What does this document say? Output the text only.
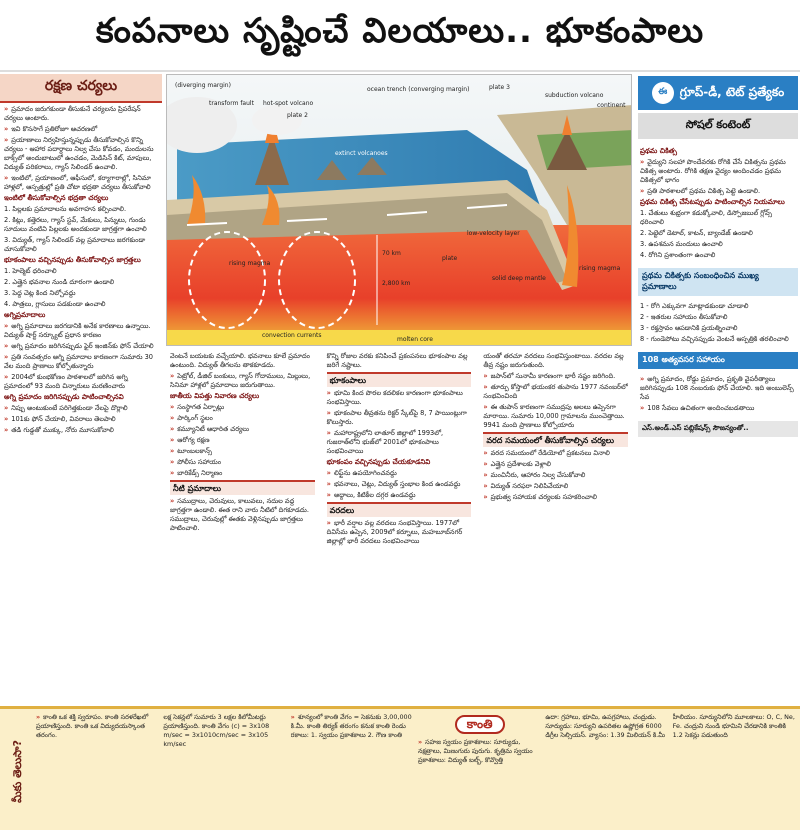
కంపనాలు సృష్టించే విలయాలు.. భూకంపాలు
రక్షణ చర్యలు

» ప్రమాదం జరుగకుండా తీసుకునే చర్యలను ప్రిపరేషన్ చర్యలు అంటారు.

» ఇవి కొనసాగే ప్రతిరోజూ ఆచరణలో

» ప్రయాణాలు నిర్వహిస్తున్నప్పుడు తీసుకోవాల్సిన కొన్ని చర్యలు - ఆహార పదార్థాలు నిల్వ చేసు కోవడం, మందులను బాక్స్‌లో అందుబాటులో ఉంచడం, మెడిసిన్‌ కిట్, మాపులు, విద్యుత్ పరికరాలు, గ్యాస్ సిలిండర్ ఉంచాలి.

» ఇంటిలో, ప్రయాణంలో, ఆఫీసులో, కర్మాగారాల్లో, సినిమా హాళ్లలో, ఆస్పత్రుల్లో ప్రతి చోటా భద్రతా చర్యలు తీసుకోవాలి

ఇంటిలో తీసుకోవాల్సిన భద్రతా చర్యలు

1. పిల్లలకు ప్రమాదాలను అవగాహన కల్పించాలి.

2. కిట్లు, కత్తెరలు, గ్యాస్ స్టవ్, మేకులు, పిన్నులు, గుండు సూదులు వంటివి పిల్లలకు అందకుండా జాగ్రత్తగా ఉంచాలి

3. విద్యుత్, గ్యాస్ సిలిండర్ వల్ల ప్రమాదాలు జరగకుండా చూసుకోవాలి

భూకంపాలు వచ్చినప్పుడు తీసుకోవాల్సిన జాగ్రత్తలు

1. హెల్మెట్ ధరించాలి

2. ఎత్తైన భవనాల నుండి దూరంగా ఉండాలి

3. పెద్ద చెట్ల కింద నిల్చోవద్దు

4. పాత్రలు, గ్లాసులు పడకుండా ఉంచాలి

అగ్నిప్రమాదాలు

» అగ్ని ప్రమాదాలు జరగడానికి అనేక కారణాలు ఉన్నాయి. విద్యుత్ షార్ట్ సర్క్యూట్ ప్రధాన కారణం

» అగ్ని ప్రమాదం జరిగినప్పుడు ఫైర్ ఇంజిన్‌కు ఫోన్ చేయాలి

» ప్రతి సంవత్సరం అగ్ని ప్రమాదాల కారణంగా సుమారు 30 వేల మంది ప్రాణాలు కోల్పోతున్నారు

» 2004లో కుంభకోణం పాఠశాలలో జరిగిన అగ్ని ప్రమాదంలో 93 మంది చిన్నారులు మరణించారు

అగ్ని ప్రమాదం జరిగినప్పుడు పాటించాల్సినవి

» నిప్పు అంటుకుంటే పరిగెత్తకుండా నేలపై దొర్లాలి

» 101కు ఫోన్ చేయాలి, వివరాలు తెలపాలి

» తడి గుడ్డతో ముక్కు, నోరు మూసుకోవాలి

(diverging margin)
transform fault hot-spot volcano
plate 2
ocean trench (converging margin)	plate 3
subduction volcano
continent
extinct volcanoes
rising magma
rising magma
70 km
2,800 km
plate
low-velocity layer
solid deep mantle
convection currents
molten core
ఈ	గ్రూప్-డీ, టెట్ ప్రత్యేకం
సోషల్ కంటెంట్
ప్రథమ చికిత్స

» వైద్యుని సలహా పొందేవరకు రోగికి చేసే చికిత్సను ప్రథమ చికిత్స అంటారు. రోగికి తక్షణ వైద్యం అందించడం ప్రథమ చికిత్సలో భాగం

» ప్రతి పాఠశాలలో ప్రథమ చికిత్స పెట్టె ఉండాలి.

ప్రథమ చికిత్స చేసేటప్పుడు పాటించాల్సిన నియమాలు

1. చేతులు శుభ్రంగా కడుక్కోవాలి, డిస్పోజబుల్ గ్లోవ్స్ ధరించాలి

2. పెట్టెలో డెటాల్, కాటన్, బ్యాండేజ్ ఉండాలి

3. ఉపశమన మందులు ఉంచాలి

4. రోగిని ప్రశాంతంగా ఉంచాలి

ప్రథమ చికిత్సకు సంబంధించిన ముఖ్య ప్రమాణాలు

1 - రోగి ఎక్కువగా మాట్లాడకుండా చూడాలి

2 - ఇతరుల సహాయం తీసుకోవాలి

3 - రక్తస్రావం ఆపడానికి ప్రయత్నించాలి

8 - గుండెపోటు వచ్చినప్పుడు వెంటనే ఆస్పత్రికి తరలించాలి

108 అత్యవసర సహాయం

» అగ్ని ప్రమాదం, రోడ్డు ప్రమాదం, ప్రకృతి వైపరీత్యాలు జరిగినప్పుడు 108 నంబరుకు ఫోన్ చేయాలి. ఇది అంబులెన్స్ సేవ

» 108 సేవలు ఉచితంగా అందించబడతాయి

ఎస్.అండ్.ఎస్ పబ్లికేషన్స్ సౌజన్యంతో..

వెంటనే బయటకు వచ్చేయాలి. భవనాలు కూలే ప్రమాదం ఉంటుంది. విద్యుత్ తీగలను తాకకూడదు.

» పెట్రోల్, డీజిల్ బంకులు, గ్యాస్ గోదాములు, మిల్లులు, సినిమా హాళ్లలో ప్రమాదాలు జరుగుతాయి.

జాతీయ విపత్తు నివారణ చర్యలు

» సంస్థాగత ఏర్పాట్లు

» పార్కింగ్ స్థలం

» కమ్యూనిటీ ఆధారిత చర్యలు

» ఆరోగ్య రక్షణ

» టూంబలకాన్స్

» పోలీసు సహాయం

» బారికేడ్స్ నిర్మాణం

నీటి ప్రమాదాలు

» సముద్రాలు, చెరువులు, కాలువలు, నదుల వద్ద జాగ్రత్తగా ఉండాలి. ఈత రాని వారు నీటిలో దిగకూడదు. సముద్రాలు, చెరువుల్లో ఈతకు వెళ్లినప్పుడు జాగ్రత్తలు పాటించాలి.

కొన్ని రోజుల వరకు కనిపించే ప్రకంపనలు భూకంపాల వల్ల జరిగే నష్టాలు.

భూకంపాలు

» భూమి కింద పొరల కదలికల కారణంగా భూకంపాలు సంభవిస్తాయి.

» భూకంపాల తీవ్రతను రిక్టర్ స్కేల్‌పై 8, 7 పాయింట్లుగా కొలుస్తారు.

» మహారాష్ట్రలోని లాతూర్ జిల్లాలో 1993లో, గుజరాత్‌లోని భుజ్‌లో 2001లో భూకంపాలు సంభవించాయి

భూకంపం వచ్చినప్పుడు చేయకూడనివి

» లిఫ్ట్‌ను ఉపయోగించవద్దు

» భవనాలు, చెట్లు, విద్యుత్ స్తంభాల కింద ఉండవద్దు

» అద్దాలు, కిటికీల దగ్గర ఉండవద్దు

వరదలు

» భారీ వర్షాల వల్ల వరదలు సంభవిస్తాయి. 1977లో దివిసీమ ఉప్పెన, 2009లో కర్నూలు, మహబూబ్‌నగర్ జిల్లాల్లో భారీ వరదలు సంభవించాయి

యంతో తరచూ వరదలు సంభవిస్తుంటాయి. వరదల వల్ల తీవ్ర నష్టం జరుగుతుంది.

» జపాన్‌లో సునామీ కారణంగా భారీ నష్టం జరిగింది.

» తూర్పు కోస్తాలో భయంకర తుపాను 1977 నవంబర్‌లో సంభవించింది

» ఈ తుపాన్ కారణంగా సముద్రపు అలలు ఉప్పెనగా మారాయి. సుమారు 10,000 గ్రామాలను ముంచెత్తాయి. 9941 మంది ప్రాణాలు కోల్పోయారు

వరద సమయంలో తీసుకోవాల్సిన చర్యలు

» వరద సమయంలో రేడియోలో ప్రకటనలు వినాలి

» ఎత్తైన ప్రదేశాలకు వెళ్లాలి

» మంచినీరు, ఆహారం నిల్వ చేసుకోవాలి

» విద్యుత్ సరఫరా నిలిపివేయాలి

» ప్రభుత్వ సహాయక చర్యలకు సహకరించాలి

మీకు తెలుసా?

» కాంతి ఒక శక్తి స్వరూపం. కాంతి సరళరేఖలో ప్రయాణిస్తుంది. కాంతి ఒక విద్యుదయస్కాంత తరంగం.

లక్ష సెకన్లలో సుమారు 3 లక్షల కిలోమీటర్లు ప్రయాణిస్తుంది. కాంతి వేగం (c) = 3x108 m/sec = 3x1010cm/sec = 3x105 km/sec

» శూన్యంలో కాంతి వేగం = సెకనుకు 3,00,000 కి.మీ. కాంతి తిర్యక్ తరంగం కనుక కాంతి రెండు రకాలు: 1. స్వయం ప్రకాశకాలు 2. గౌణ కాంతి

కాంతి

» సహజ స్వయం ప్రకాశకాలు: సూర్యుడు, నక్షత్రాలు, మిణుగురు పురుగు. కృత్రిమ స్వయం ప్రకాశకాలు: విద్యుత్ బల్బ్, కొవ్వొత్తి

ఉదా: గ్రహాలు, భూమి, ఉపగ్రహాలు, చంద్రుడు. సూర్యుడు: సూర్యుని ఉపరితల ఉష్ణోగ్రత 6000 డిగ్రీల సెల్సియస్. వ్యాసం: 1.39 మిలియన్ కి.మీ

హీలియం. సూర్యునిలోని మూలకాలు: O, C, Ne, Fe. చంద్రుని నుండి భూమిని చేరడానికి కాంతికి 1.2 సెకన్లు పడుతుంది
